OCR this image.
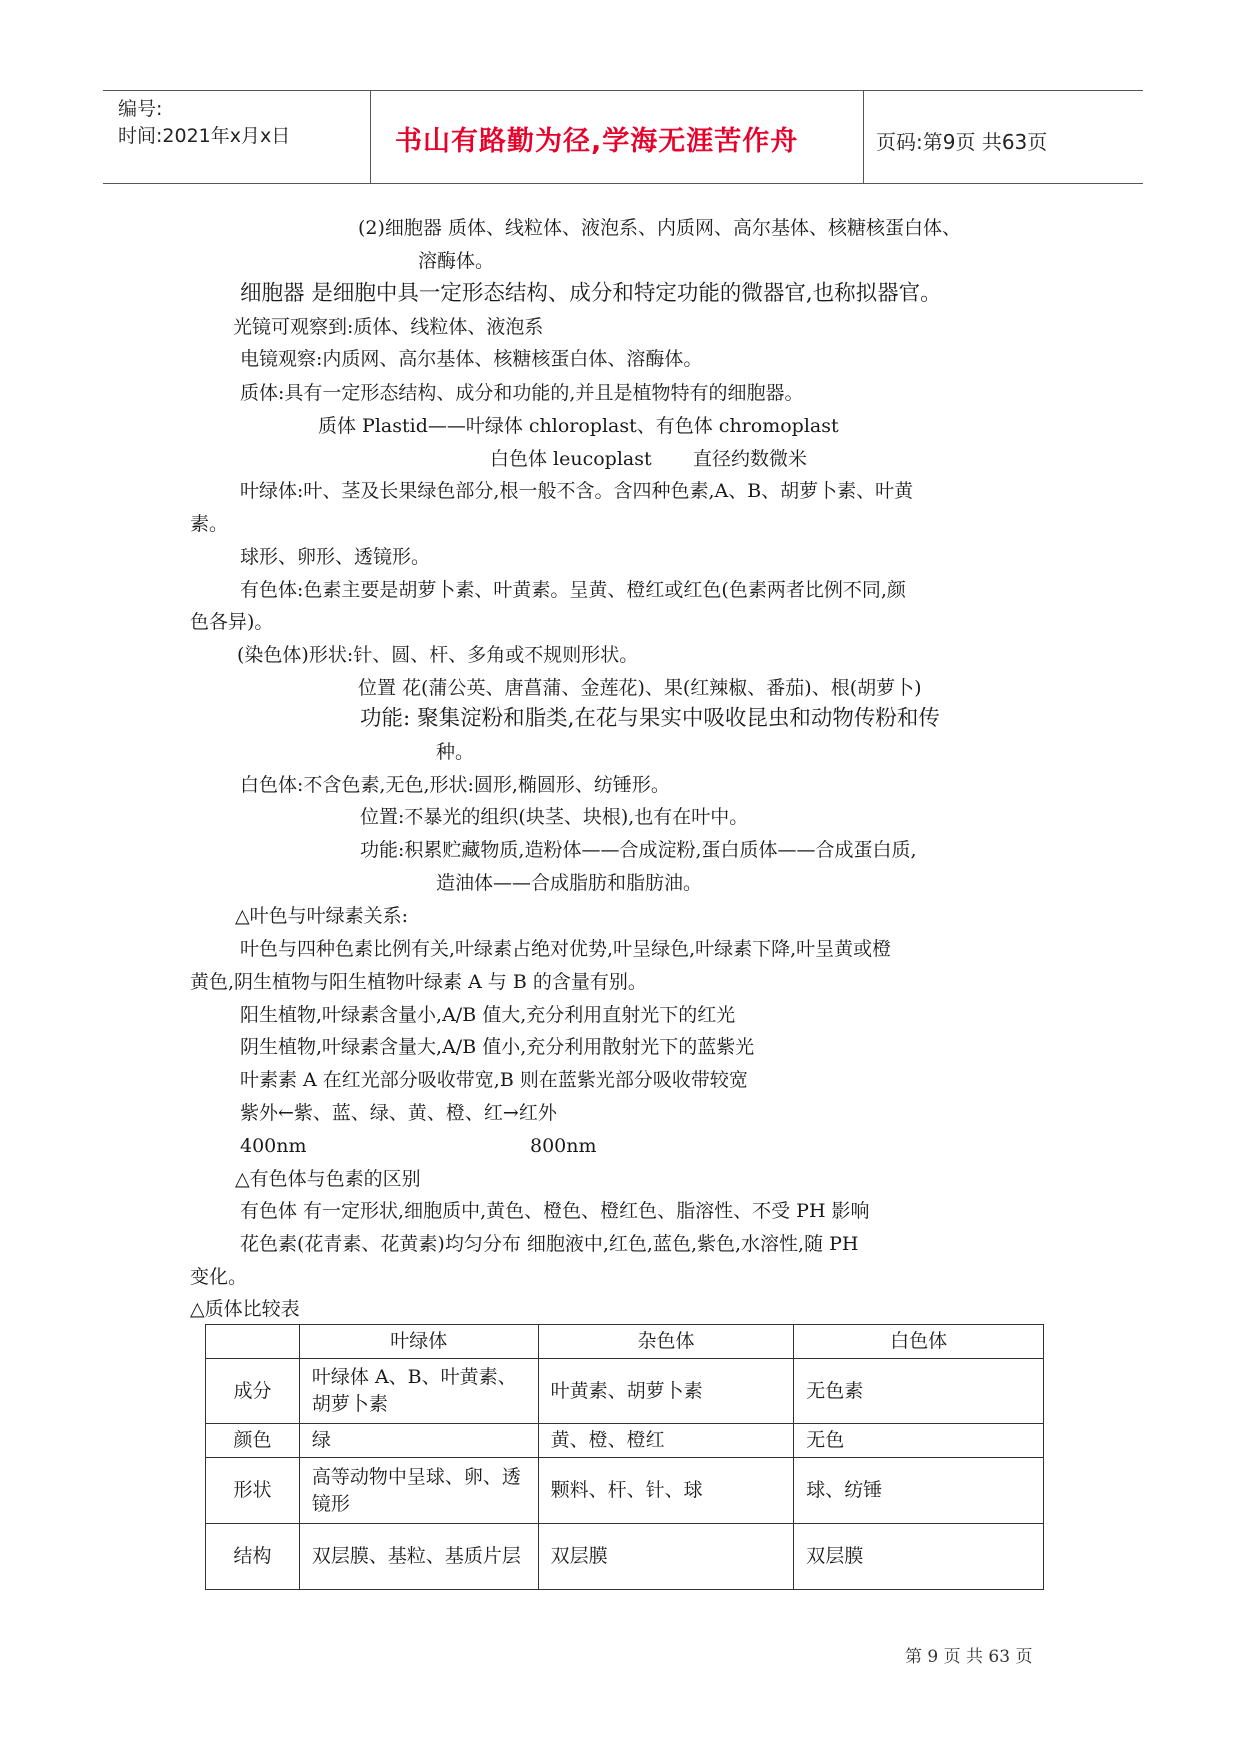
编号:
时间:2021年x月x日	书山有路勤为径,学海无涯苦作舟	页码:第9页 共63页
(2)细胞器 质体、线粒体、液泡系、内质网、高尔基体、核糖核蛋白体、
溶酶体。
细胞器 是细胞中具一定形态结构、成分和特定功能的微器官,也称拟器官。
光镜可观察到:质体、线粒体、液泡系
电镜观察:内质网、高尔基体、核糖核蛋白体、溶酶体。
质体:具有一定形态结构、成分和功能的,并且是植物特有的细胞器。
质体 Plastid——叶绿体 chloroplast、有色体 chromoplast
白色体 leucoplast 直径约数微米
叶绿体:叶、茎及长果绿色部分,根一般不含。含四种色素,A、B、胡萝卜素、叶黄
素。
球形、卵形、透镜形。
有色体:色素主要是胡萝卜素、叶黄素。呈黄、橙红或红色(色素两者比例不同,颜
色各异)。
(染色体)形状:针、圆、杆、多角或不规则形状。
位置 花(蒲公英、唐菖蒲、金莲花)、果(红辣椒、番茄)、根(胡萝卜)
功能: 聚集淀粉和脂类,在花与果实中吸收昆虫和动物传粉和传
种。
白色体:不含色素,无色,形状:圆形,椭圆形、纺锤形。
位置:不暴光的组织(块茎、块根),也有在叶中。
功能:积累贮藏物质,造粉体——合成淀粉,蛋白质体——合成蛋白质,
造油体——合成脂肪和脂肪油。
△叶色与叶绿素关系:
叶色与四种色素比例有关,叶绿素占绝对优势,叶呈绿色,叶绿素下降,叶呈黄或橙
黄色,阴生植物与阳生植物叶绿素 A 与 B 的含量有别。
阳生植物,叶绿素含量小,A/B 值大,充分利用直射光下的红光
阴生植物,叶绿素含量大,A/B 值小,充分利用散射光下的蓝紫光
叶素素 A 在红光部分吸收带宽,B 则在蓝紫光部分吸收带较宽
紫外←紫、蓝、绿、黄、橙、红→红外
400nm	800nm
△有色体与色素的区别
有色体 有一定形状,细胞质中,黄色、橙色、橙红色、脂溶性、不受 PH 影响
花色素(花青素、花黄素)均匀分布 细胞液中,红色,蓝色,紫色,水溶性,随 PH
变化。
△质体比较表
	叶绿体	杂色体	白色体
成分	叶绿体 A、B、叶黄素、胡萝卜素	叶黄素、胡萝卜素	无色素
颜色	绿	黄、橙、橙红	无色
形状	高等动物中呈球、卵、透镜形	颗料、杆、针、球	球、纺锤
结构	双层膜、基粒、基质片层	双层膜	双层膜
第 9 页 共 63 页
